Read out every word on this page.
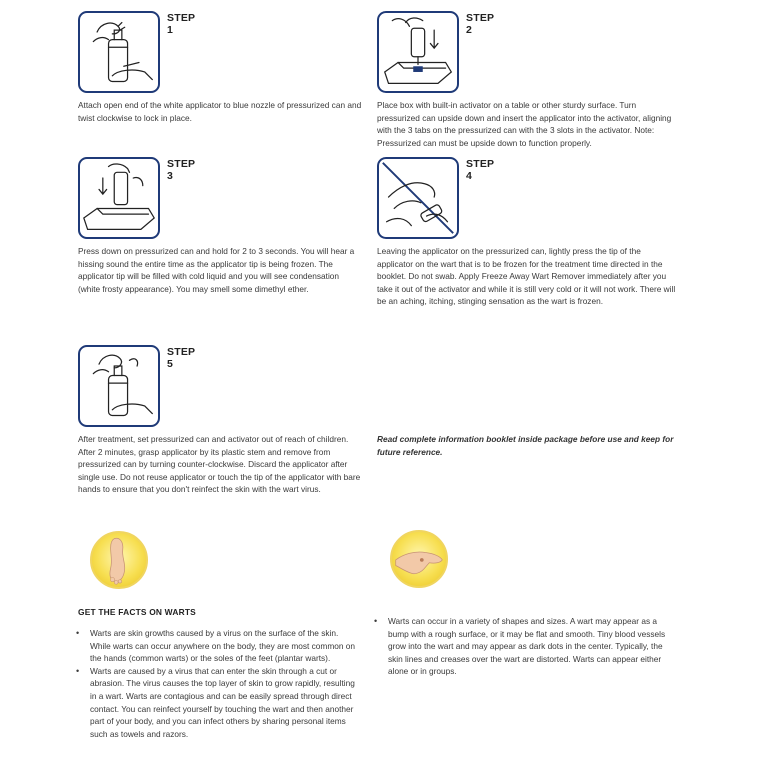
STEP 1
Attach open end of the white applicator to blue nozzle of pressurized can and twist clockwise to lock in place.
STEP 2
Place box with built-in activator on a table or other sturdy surface. Turn pressurized can upside down and insert the applicator into the activator, aligning with the 3 tabs on the pressurized can with the 3 slots in the activator. Note: Pressurized can must be upside down to function properly.
STEP 3
Press down on pressurized can and hold for 2 to 3 seconds. You will hear a hissing sound the entire time as the applicator tip is being frozen. The applicator tip will be filled with cold liquid and you will see condensation (white frosty appearance). You may smell some dimethyl ether.
STEP 4
Leaving the applicator on the pressurized can, lightly press the tip of the applicator on the wart that is to be frozen for the treatment time directed in the booklet. Do not swab. Apply Freeze Away Wart Remover immediately after you take it out of the activator and while it is still very cold or it will not work. There will be an aching, itching, stinging sensation as the wart is frozen.
STEP 5
After treatment, set pressurized can and activator out of reach of children. After 2 minutes, grasp applicator by its plastic stem and remove from pressurized can by turning counter-clockwise. Discard the applicator after single use. Do not reuse applicator or touch the tip of the applicator with bare hands to ensure that you don't reinfect the skin with the wart virus.
Read complete information booklet inside package before use and keep for future reference.
GET THE FACTS ON WARTS
• Warts are skin growths caused by a virus on the surface of the skin. While warts can occur anywhere on the body, they are most common on the hands (common warts) or the soles of the feet (plantar warts).
• Warts are caused by a virus that can enter the skin through a cut or abrasion. The virus causes the top layer of skin to grow rapidly, resulting in a wart. Warts are contagious and can be easily spread through direct contact. You can reinfect yourself by touching the wart and then another part of your body, and you can infect others by sharing personal items such as towels and razors.
• Warts can occur in a variety of shapes and sizes. A wart may appear as a bump with a rough surface, or it may be flat and smooth. Tiny blood vessels grow into the wart and may appear as dark dots in the center. Typically, the skin lines and creases over the wart are distorted. Warts can appear either alone or in groups.
